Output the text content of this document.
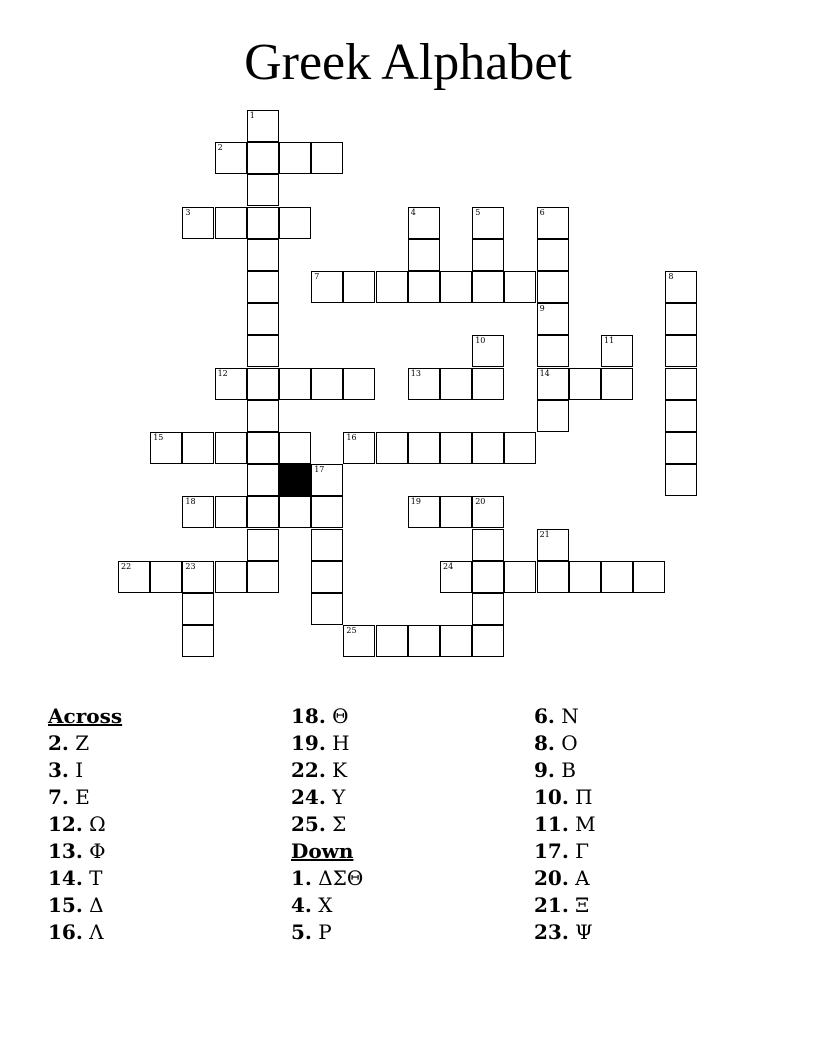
Greek Alphabet
2
3
7
12	13	14
15	16
18	19	20
22	23	24
25
1
4	5	6
8
9
10	11
17
21
Across
2. Ζ
3. Ι
7. Ε
12. Ω
13. Φ
14. Τ
15. Δ
16. Λ
18. Θ
19. Η
22. Κ
24. Υ
25. Σ
Down
1. ΔΣΘ
4. Χ
5. Ρ
6. Ν
8. Ο
9. Β
10. Π
11. Μ
17. Γ
20. Α
21. Ξ
23. Ψ
